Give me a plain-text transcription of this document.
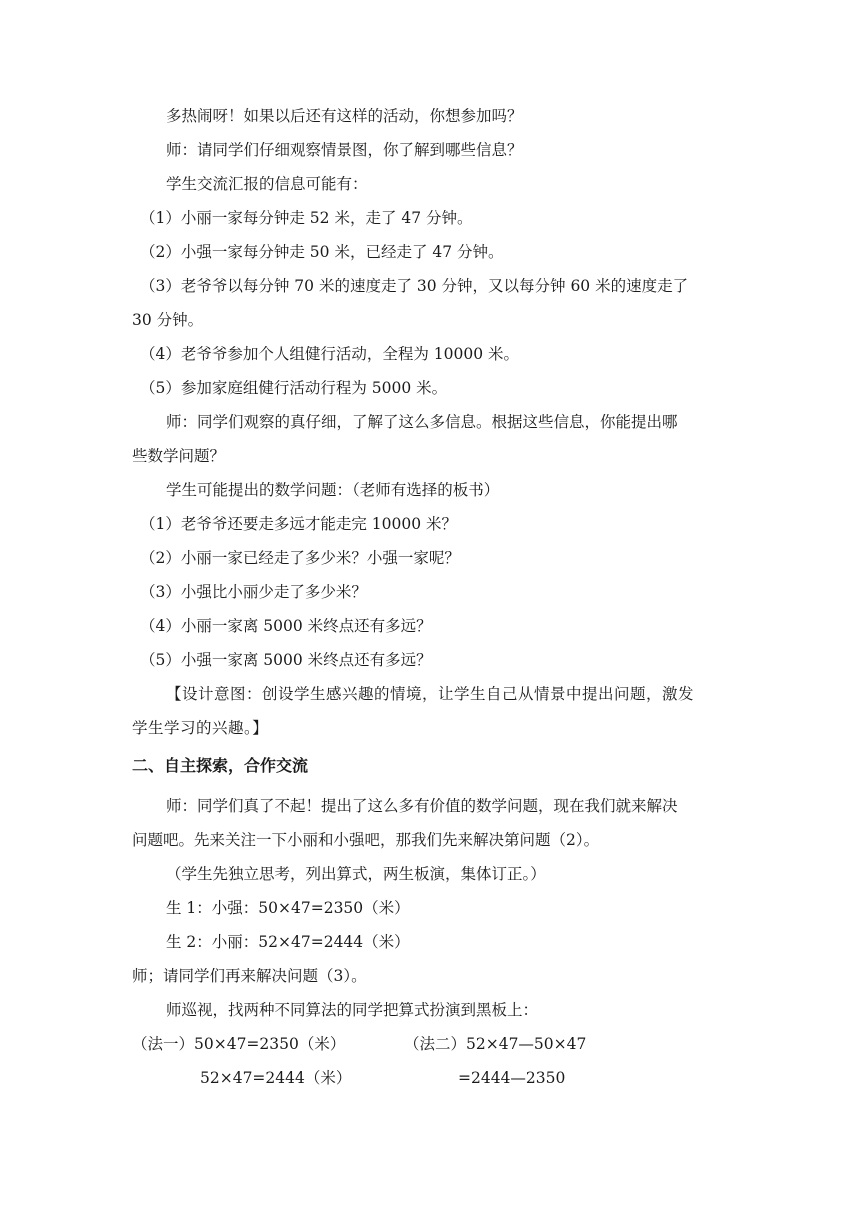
多热闹呀！如果以后还有这样的活动，你想参加吗？
师：请同学们仔细观察情景图，你了解到哪些信息？
学生交流汇报的信息可能有：
（1）小丽一家每分钟走 52 米，走了 47 分钟。
（2）小强一家每分钟走 50 米，已经走了 47 分钟。
（3）老爷爷以每分钟 70 米的速度走了 30 分钟，又以每分钟 60 米的速度走了
30 分钟。
（4）老爷爷参加个人组健行活动，全程为 10000 米。
（5）参加家庭组健行活动行程为 5000 米。
师：同学们观察的真仔细，了解了这么多信息。根据这些信息，你能提出哪
些数学问题？
学生可能提出的数学问题：（老师有选择的板书）
（1）老爷爷还要走多远才能走完 10000 米？
（2）小丽一家已经走了多少米？小强一家呢？
（3）小强比小丽少走了多少米？
（4）小丽一家离 5000 米终点还有多远？
（5）小强一家离 5000 米终点还有多远？
【设计意图：创设学生感兴趣的情境，让学生自己从情景中提出问题，激发
学生学习的兴趣。】
二、自主探索，合作交流
师：同学们真了不起！提出了这么多有价值的数学问题，现在我们就来解决
问题吧。先来关注一下小丽和小强吧，那我们先来解决第问题（2）。
（学生先独立思考，列出算式，两生板演，集体订正。）
生 1：小强：50×47=2350（米）
生 2：小丽：52×47=2444（米）
师；请同学们再来解决问题（3）。
师巡视，找两种不同算法的同学把算式扮演到黑板上：
（法一）50×47=2350（米）
52×47=2444（米）
（法二）52×47—50×47
=2444—2350
